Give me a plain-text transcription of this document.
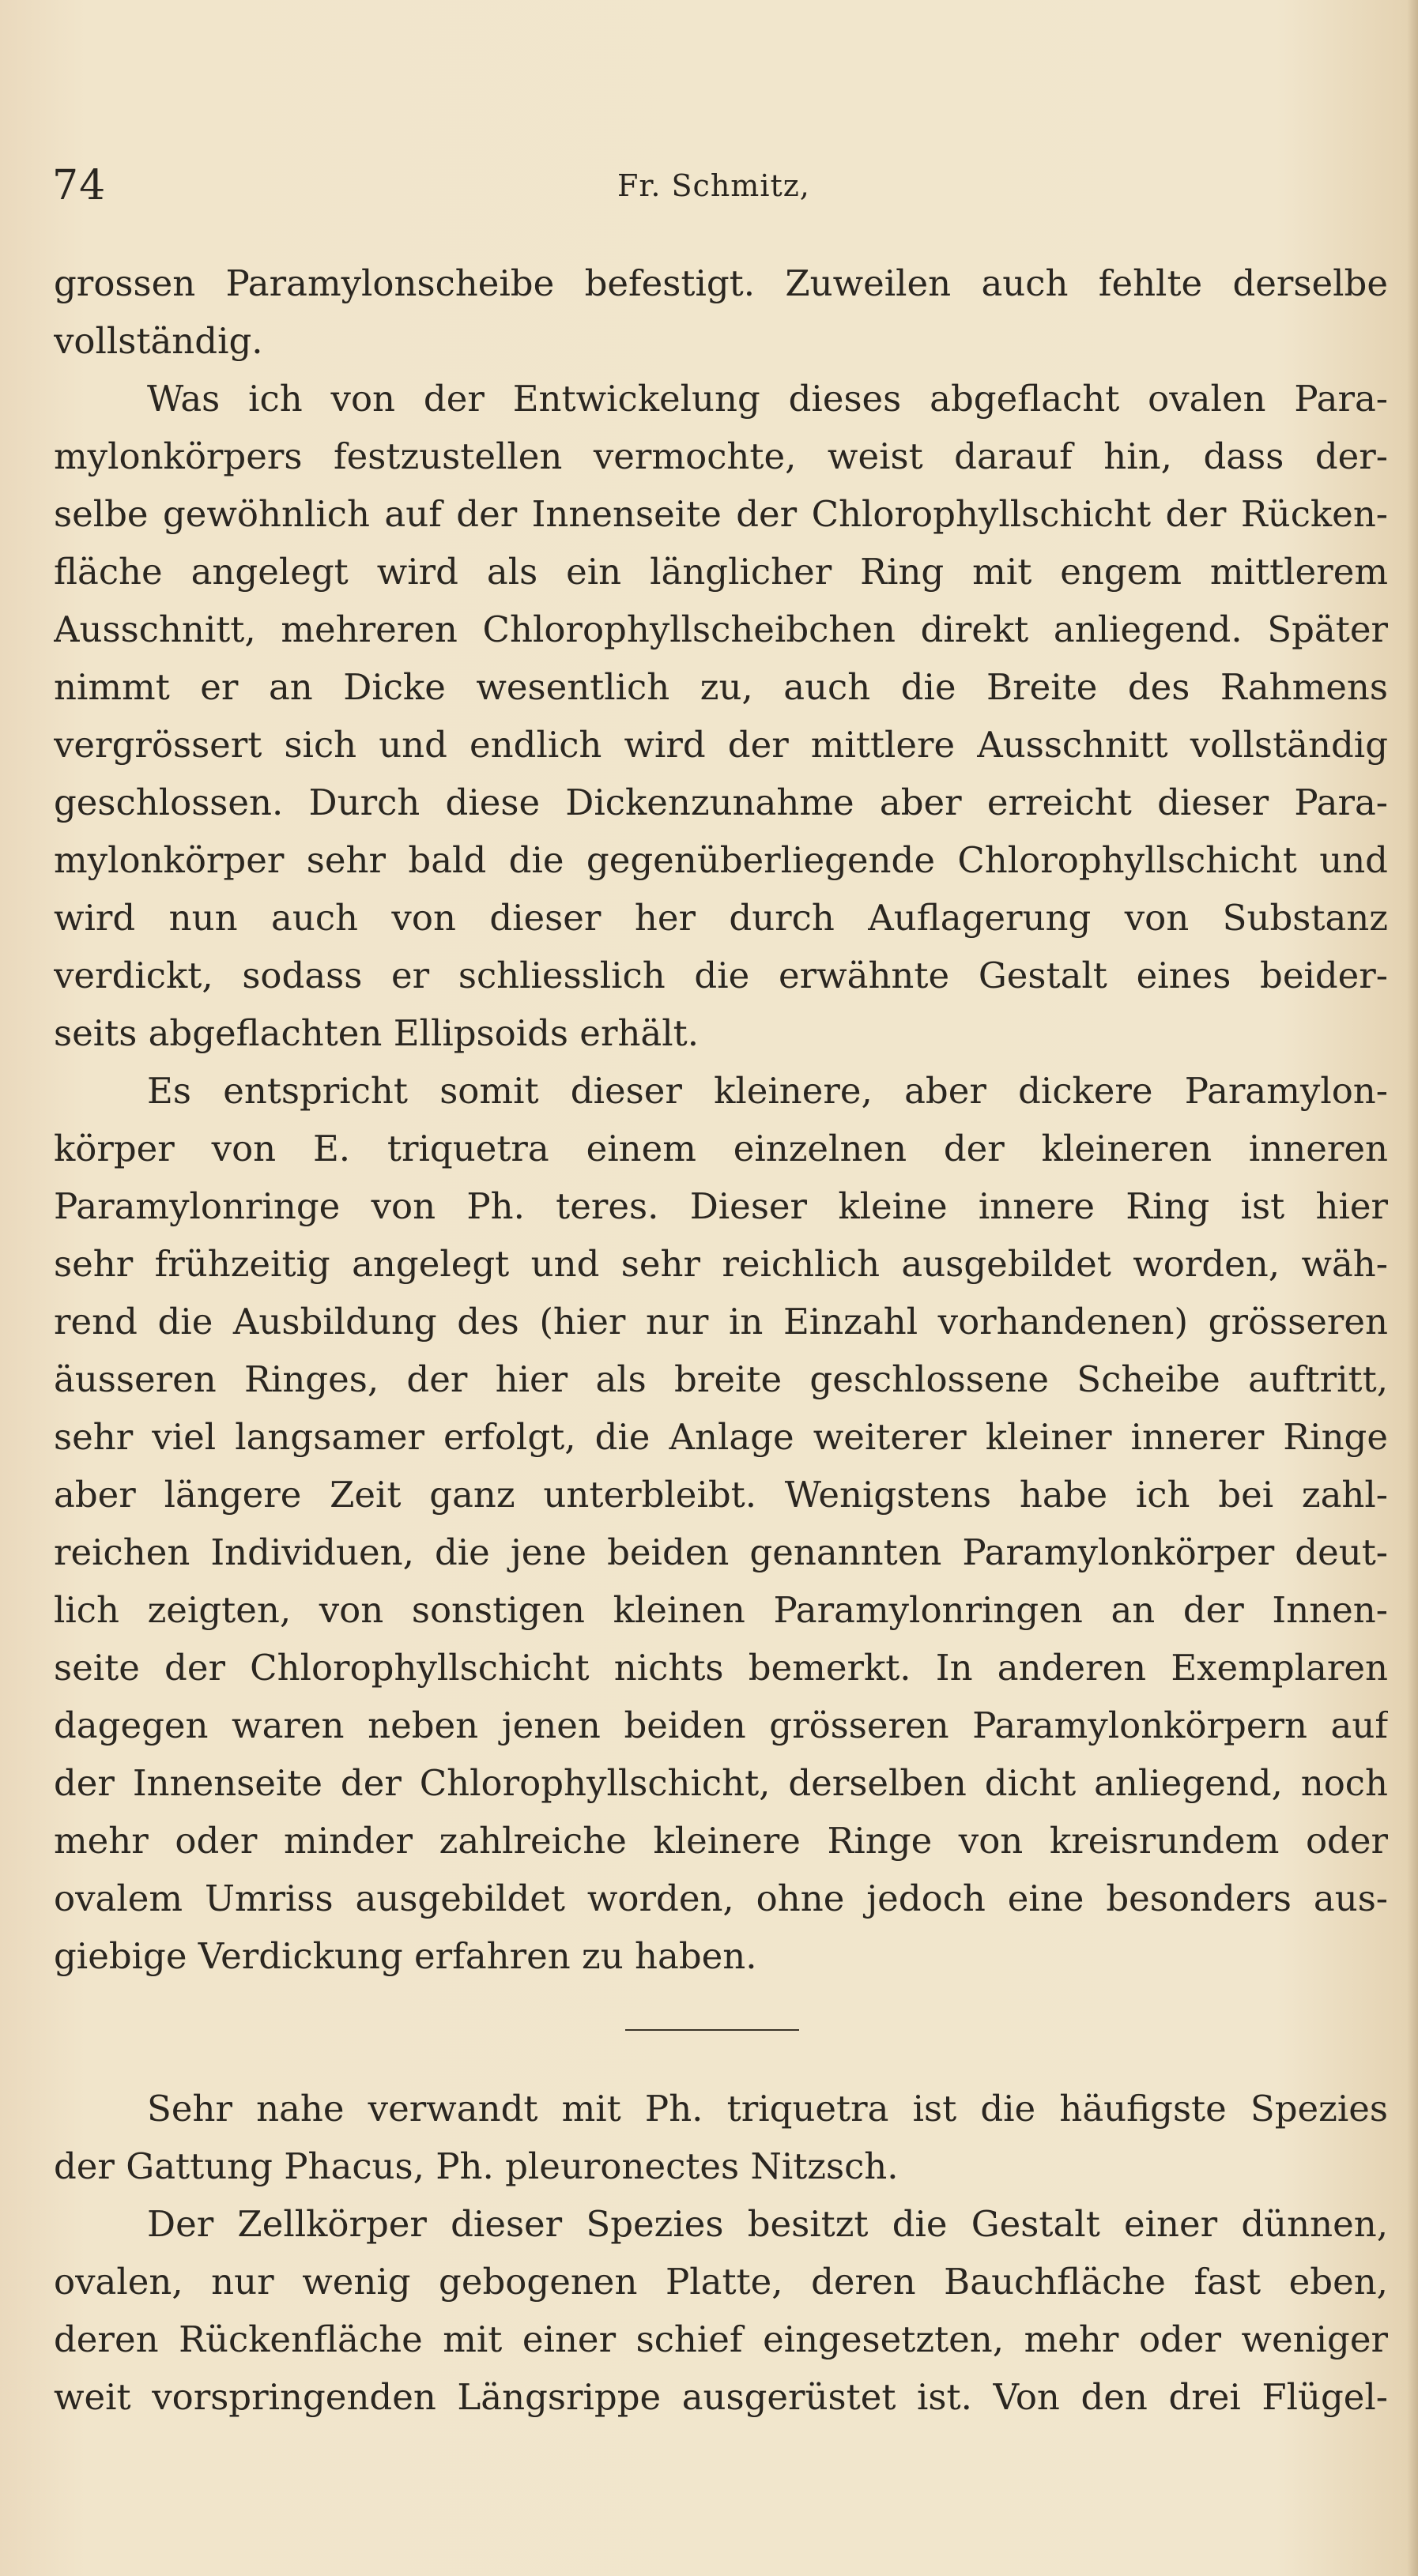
74	Fr. Schmitz,
grossen Paramylonscheibe befestigt. Zuweilen auch fehlte derselbe
vollständig.
Was ich von der Entwickelung dieses abgeflacht ovalen Para-
mylonkörpers festzustellen vermochte, weist darauf hin, dass der-
selbe gewöhnlich auf der Innenseite der Chlorophyllschicht der Rücken-
fläche angelegt wird als ein länglicher Ring mit engem mittlerem
Ausschnitt, mehreren Chlorophyllscheibchen direkt anliegend. Später
nimmt er an Dicke wesentlich zu, auch die Breite des Rahmens
vergrössert sich und endlich wird der mittlere Ausschnitt vollständig
geschlossen. Durch diese Dickenzunahme aber erreicht dieser Para-
mylonkörper sehr bald die gegenüberliegende Chlorophyllschicht und
wird nun auch von dieser her durch Auflagerung von Substanz
verdickt, sodass er schliesslich die erwähnte Gestalt eines beider-
seits abgeflachten Ellipsoids erhält.
Es entspricht somit dieser kleinere, aber dickere Paramylon-
körper von E. triquetra einem einzelnen der kleineren inneren
Paramylonringe von Ph. teres. Dieser kleine innere Ring ist hier
sehr frühzeitig angelegt und sehr reichlich ausgebildet worden, wäh-
rend die Ausbildung des (hier nur in Einzahl vorhandenen) grösseren
äusseren Ringes, der hier als breite geschlossene Scheibe auftritt,
sehr viel langsamer erfolgt, die Anlage weiterer kleiner innerer Ringe
aber längere Zeit ganz unterbleibt. Wenigstens habe ich bei zahl-
reichen Individuen, die jene beiden genannten Paramylonkörper deut-
lich zeigten, von sonstigen kleinen Paramylonringen an der Innen-
seite der Chlorophyllschicht nichts bemerkt. In anderen Exemplaren
dagegen waren neben jenen beiden grösseren Paramylonkörpern auf
der Innenseite der Chlorophyllschicht, derselben dicht anliegend, noch
mehr oder minder zahlreiche kleinere Ringe von kreisrundem oder
ovalem Umriss ausgebildet worden, ohne jedoch eine besonders aus-
giebige Verdickung erfahren zu haben.
Sehr nahe verwandt mit Ph. triquetra ist die häufigste Spezies
der Gattung Phacus, Ph. pleuronectes Nitzsch.
Der Zellkörper dieser Spezies besitzt die Gestalt einer dünnen,
ovalen, nur wenig gebogenen Platte, deren Bauchfläche fast eben,
deren Rückenfläche mit einer schief eingesetzten, mehr oder weniger
weit vorspringenden Längsrippe ausgerüstet ist. Von den drei Flügel-
